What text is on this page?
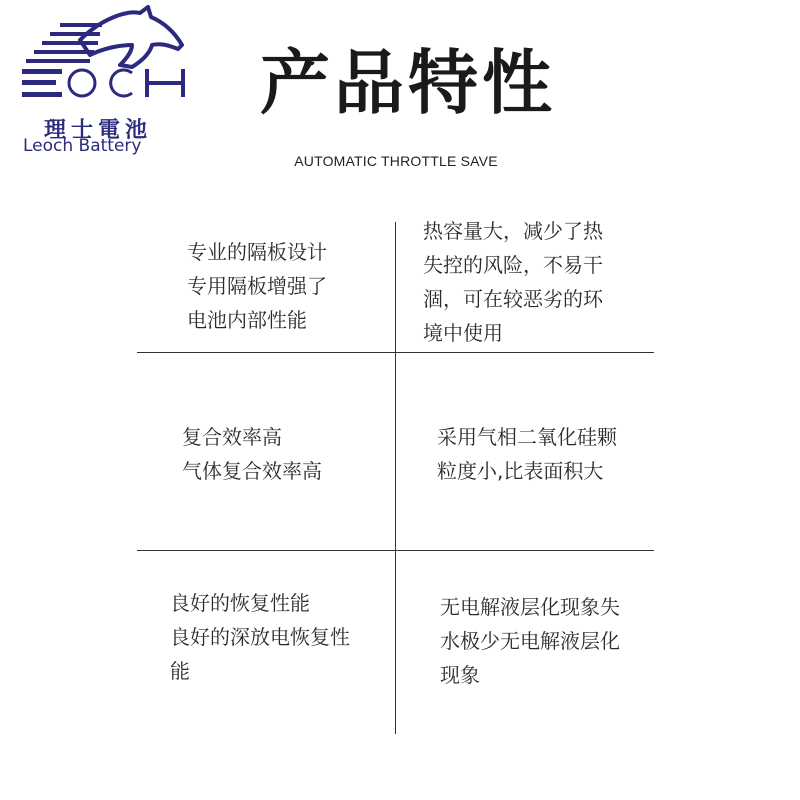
理士電池
Leoch Battery
产品特性
AUTOMATIC THROTTLE SAVE
专业的隔板设计
专用隔板增强了
电池内部性能
热容量大，减少了热
失控的风险，不易干
涸，可在较恶劣的环
境中使用
复合效率高
气体复合效率高
采用气相二氧化硅颗
粒度小,比表面积大
良好的恢复性能
良好的深放电恢复性
能
无电解液层化现象失
水极少无电解液层化
现象
